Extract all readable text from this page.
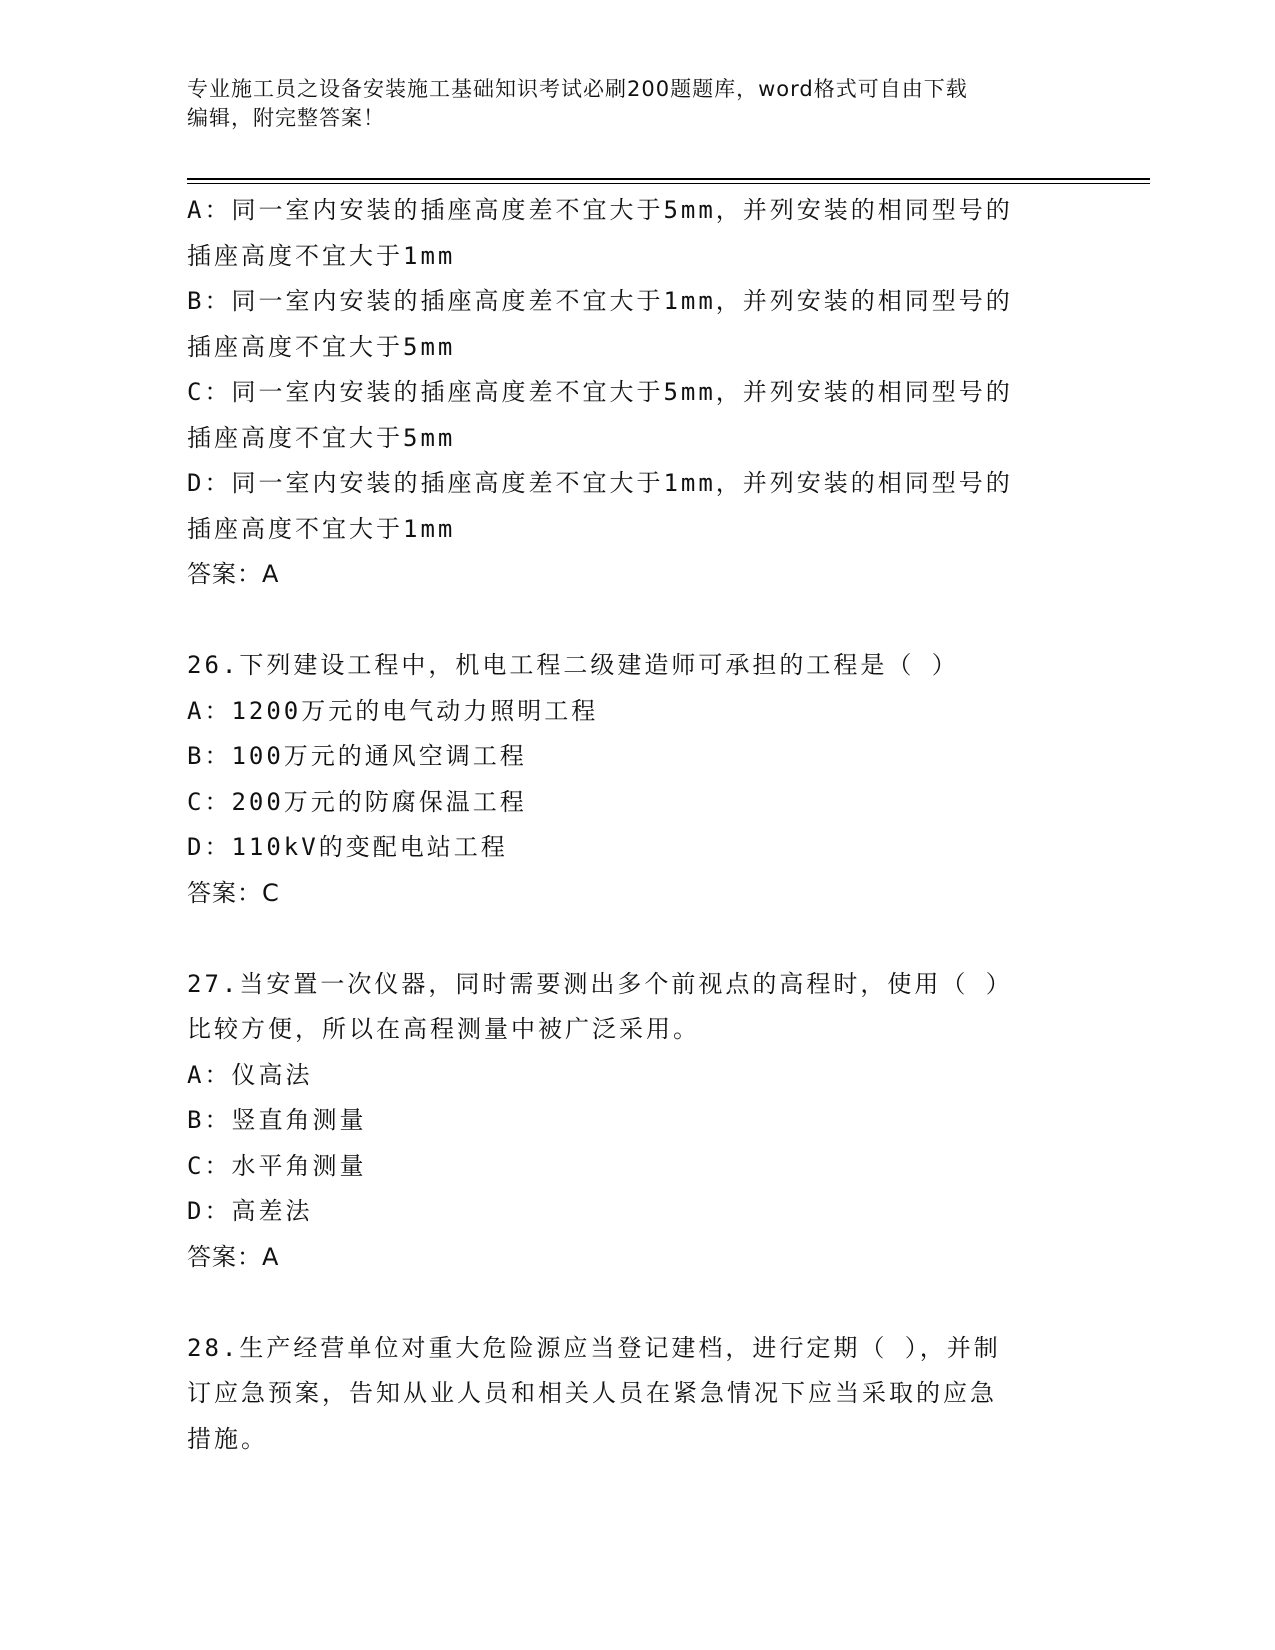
专业施工员之设备安装施工基础知识考试必刷200题题库，word格式可自由下载
编辑，附完整答案！
A：同一室内安装的插座高度差不宜大于5mm，并列安装的相同型号的
插座高度不宜大于1mm
B：同一室内安装的插座高度差不宜大于1mm，并列安装的相同型号的
插座高度不宜大于5mm
C：同一室内安装的插座高度差不宜大于5mm，并列安装的相同型号的
插座高度不宜大于5mm
D：同一室内安装的插座高度差不宜大于1mm，并列安装的相同型号的
插座高度不宜大于1mm
答案：A
26.下列建设工程中，机电工程二级建造师可承担的工程是（ ）
A：1200万元的电气动力照明工程
B：100万元的通风空调工程
C：200万元的防腐保温工程
D：110kV的变配电站工程
答案：C
27.当安置一次仪器，同时需要测出多个前视点的高程时，使用（ ）
比较方便，所以在高程测量中被广泛采用。
A：仪高法
B：竖直角测量
C：水平角测量
D：高差法
答案：A
28.生产经营单位对重大危险源应当登记建档，进行定期（ ），并制
订应急预案，告知从业人员和相关人员在紧急情况下应当采取的应急
措施。
